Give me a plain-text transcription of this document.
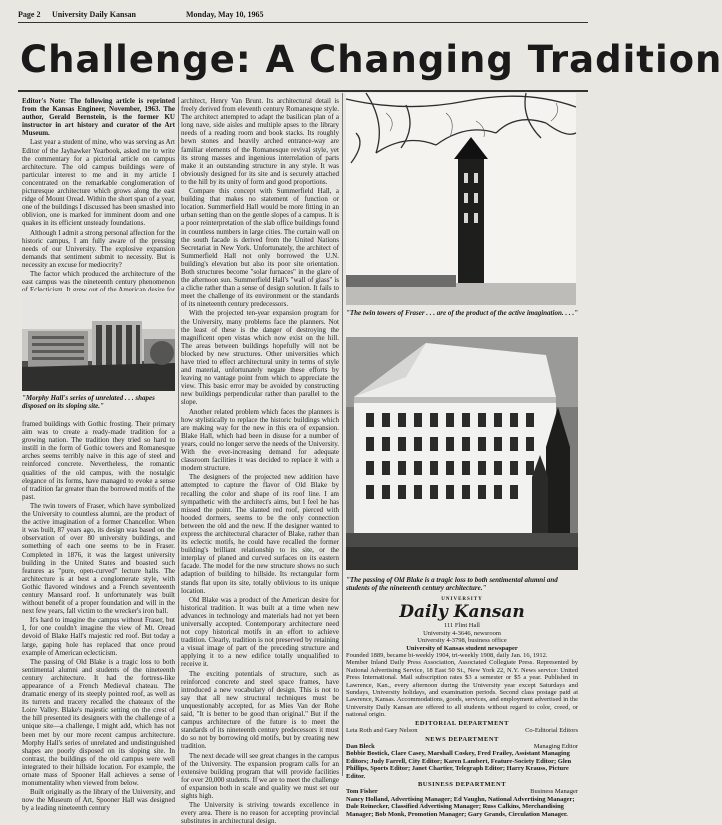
Page 2 University Daily Kansan	Monday, May 10, 1965
Challenge: A Changing Tradition

Editor's Note: The following article is reprinted from the Kansas Engineer, November, 1963. The author, Gerald Bernstein, is the former KU instructor in art history and curator of the Art Museum.

Last year a student of mine, who was serving as Art Editor of the Jayhawker Yearbook, asked me to write the commentary for a pictorial article on campus architecture. The old campus buildings were of particular interest to me and in my article I concentrated on the remarkable conglomeration of picturesque architecture which grows along the east ridge of Mount Oread. Within the short span of a year, one of the buildings I discussed has been smashed into oblivion, one is marked for imminent doom and one quakes in its efficient unsteady foundations.

Although I admit a strong personal affection for the historic campus, I am fully aware of the pressing needs of our University. The explosive expansion demands that sentiment submit to necessity. But is necessity an excuse for mediocrity?

The factor which produced the architecture of the east campus was the nineteenth century phenomenon

"Morphy Hall's series of unrelated . . . shapes disposed on its sloping site."

framed buildings with Gothic frosting. Their primary aim was to create a ready-made tradition for a growing nation. The tradition they tried so hard to instill in the form of Gothic towers and Romanesque arches seems terribly naive in this age of steel and reinforced concrete. Nevertheless, the romantic qualities of the old campus, with the nostalgic elegance of its forms, have managed to evoke a sense of tradition far greater than the borrowed motifs of the past.

The twin towers of Fraser, which have symbolized the University to countless alumni, are the product of the active imagination of a former Chancellor. When it was built, 87 years ago, its design was based on the observation of over 80 university buildings, and something of each one seems to be in Fraser. Completed in 1876, it was the largest university building in the United States and boasted such features as "pure, open-curved" lecture halls. The architecture is at best a conglomerate style, with Gothic flavored windows and a French seventeenth century Mansard roof. It unfortunately was built without benefit of a proper foundation and will in the next few years, fall victim to the wrecker's iron ball.

It's hard to imagine the campus without Fraser, but I, for one couldn't imagine the view of Mt. Oread devoid of Blake Hall's majestic red roof. But today a large, gaping hole has replaced that once proud example of American eclecticism.

The passing of Old Blake is a tragic loss to both sentimental alumni and students of the nineteenth century architecture. It had the fortress-like appearance of a French Medieval chateau. The dramatic energy of its steeply pointed roof, as well as its turrets and tracery recalled the chateaux of the Loire Valley. Blake's majestic setting on the crest of the hill presented its designers with the challenge of a unique site—a challenge, I might add, which has not been met by our more recent campus architecture. Morphy Hall's series of unrelated and undistinguished shapes are poorly disposed on its sloping site. In contrast, the buildings of the old campus were well integrated to their hillside location. For example, the ornate mass of Spooner Hall achieves a sense of monumentality when viewed from below.

Built originally as the library of the University, and now the Museum of Art, Spooner Hall was designed by a leading nineteenth century

architect, Henry Van Brunt. Its architectural detail is freely derived from eleventh century Romanesque style. The architect attempted to adapt the basilican plan of a long nave, side aisles and multiple apses to the library needs of a reading room and book stacks. Its roughly hewn stones and heavily arched entrance-way are familiar elements of the Romanesque revival style, yet its strong masses and ingenious interrelation of parts make it an outstanding structure in any style. It was obviously designed for its site and is securely attached to the hill by its unity of form and good proportions.

Compare this concept with Summerfield Hall, a building that makes no statement of function or location. Summerfield Hall would be more fitting in an urban setting than on the gentle slopes of a campus. It is a poor reinterpretation of the slab office buildings found in countless numbers in large cities. The curtain wall on the south facade is derived from the United Nations Secretariat in New York. Unfortunately, the architect of Summerfield Hall not only borrowed the U.N. building's elevation but also its poor site orientation. Both structures become "solar furnaces" in the glare of the afternoon sun. Summerfield Hall's "wall of glass" is a cliche rather than a sense of design solution. It fails to meet the challenge of its environment or the standards of its nineteenth century predecessors.

With the projected ten-year expansion program for the University, many problems face the planners. Not the least of these is the danger of destroying the magnificent open vistas which now exist on the hill. The areas between buildings hopefully will not be blocked by new structures. Other universities which have tried to effect architectural unity in terms of style and material, unfortunately negate these efforts by leaving no vantage point from which to appreciate the view. This basic error may be avoided by constructing new buildings perpendicular rather than parallel to the slope.

Another related problem which faces the planners is how stylistically to replace the historic buildings which are making way for the new in this era of expansion. Blake Hall, which had been in disuse for a number of years, could no longer serve the needs of the University. With the ever-increasing demand for adequate classroom facilities it was decided to replace it with a modern structure.

The designers of the projected new addition have attempted to capture the flavor of Old Blake by recalling the color and shape of its roof line. I am sympathetic with the architect's aims, but I feel he has missed the point. The slanted red roof, pierced with hooded dormers, seems to be the only connection between the old and the new. If the designer wanted to express the architectural character of Blake, rather than its eclectic motifs, he could have recalled the former building's brilliant relationship to its site, or the interplay of planed and curved surfaces on its eastern facade. The model for the new structure shows no such adaption of building to hillside. Its rectangular form stands flat upon its site, totally oblivious to its unique location.

Old Blake was a product of the American desire for historical tradition. It was built at a time when new advances in technology and materials had not yet been universally accepted. Contemporary architecture need not copy historical motifs in an effort to achieve tradition. Clearly, tradition is not preserved by retaining a visual image of part of the preceding structure and applying it to a new edifice totally unqualified to receive it.

The exciting potentials of structure, such as reinforced concrete and steel space frames, have introduced a new vocabulary of design. This is not to say that all new structural techniques must be unquestionably accepted, for as Mies Van der Rohe said, "It is better to be good than original." But if the campus architecture of the future is to meet the standards of its nineteenth century predecessors it must do so not by borrowing old motifs, but by creating new tradition.

The next decade will see great changes in the campus of the University. The expansion program calls for an extensive building program that will provide facilities for over 20,000 students. If we are to meet the challenge of expansion both in scale and quality we must set our sights high.

The University is striving towards excellence in every area. There is no reason for accepting provincial substitutes in architectural design.

"The twin towers of Fraser . . . are of the product of the active imagination. . . ."
"The passing of Old Blake is a tragic loss to both sentimental alumni and students of the nineteenth century architecture."
UNIVERSITY
Daily Kansan
111 Flint Hall
University 4-3646, newsroom
University 4-3798, business office
University of Kansas student newspaper
Founded 1889, became bi-weekly 1904, tri-weekly 1908, daily Jan. 16, 1912.
Member Inland Daily Press Association, Associated Collegiate Press. Represented by National Advertising Service, 18 East 50 St., New York 22, N.Y. News service: United Press International. Mail subscription rates $3 a semester or $5 a year. Published in Lawrence, Kan., every afternoon during the University year except Saturdays and Sundays, University holidays, and examination periods. Second class postage paid at Lawrence, Kansas. Accommodations, goods, services, and employment advertised in the University Daily Kansan are offered to all students without regard to color, creed, or national origin.
EDITORIAL DEPARTMENT
Leta Roth and Gary Nelson	Co-Editorial Editors
NEWS DEPARTMENT
Dan Bleck	Managing Editor
Bobbie Bostick, Clare Casey, Marshall Coskey, Fred Frailey, Assistant Managing Editors; Judy Farrell, City Editor; Karen Lambert, Feature-Society Editor; Glen Phillips, Sports Editor; Janet Chartier, Telegraph Editor; Harry Krauss, Picture Editor.
BUSINESS DEPARTMENT
Tom Fisher	Business Manager
Nancy Holland, Advertising Manager; Ed Vaughn, National Advertising Manager; Dale Reinecker, Classified Advertising Manager; Russ Calkins, Merchandising Manager; Bob Monk, Promotion Manager; Gary Grands, Circulation Manager.
